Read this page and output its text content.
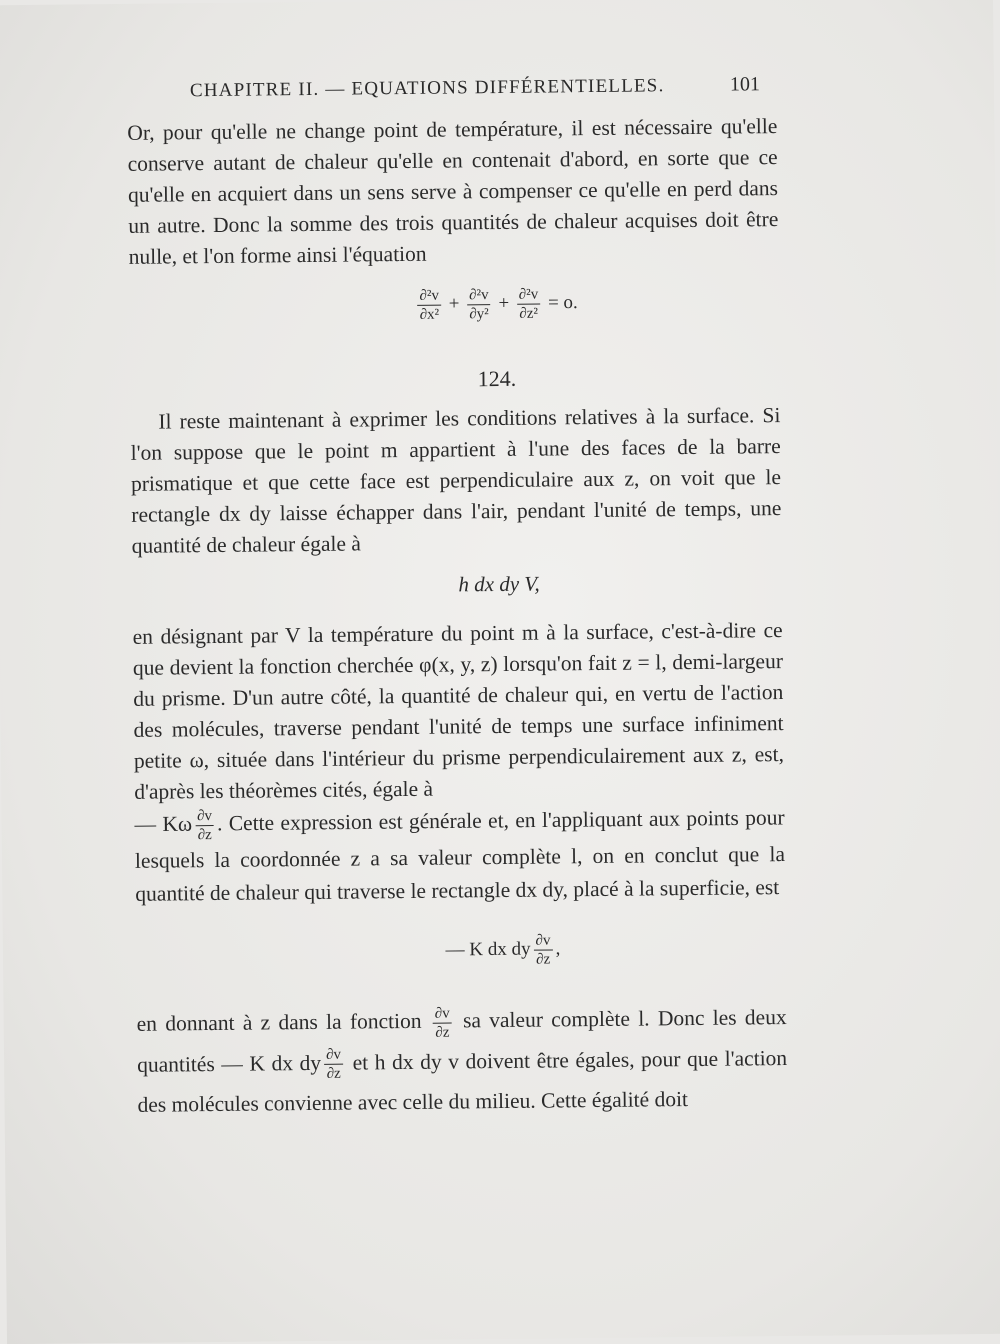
CHAPITRE II. — EQUATIONS DIFFÉRENTIELLES.	101

Or, pour qu'elle ne change point de température, il est nécessaire qu'elle conserve autant de chaleur qu'elle en contenait d'abord, en sorte que ce qu'elle en acquiert dans un sens serve à compenser ce qu'elle en perd dans un autre. Donc la somme des trois quantités de chaleur acquises doit être nulle, et l'on forme ainsi l'équation

$\frac{\text{∂²v}}{\text{∂x²}} + \frac{\text{∂²v}}{\text{∂y²}} + \frac{\text{∂²v}}{\text{∂z²}} = o$.
124.

Il reste maintenant à exprimer les conditions relatives à la surface. Si l'on suppose que le point m appartient à l'une des faces de la barre prismatique et que cette face est perpendiculaire aux z, on voit que le rectangle dx dy laisse échapper dans l'air, pendant l'unité de temps, une quantité de chaleur égale à

h dx dy V,

en désignant par V la température du point m à la surface, c'est-à-dire ce que devient la fonction cherchée φ(x, y, z) lorsqu'on fait z = l, demi-largeur du prisme. D'un autre côté, la quantité de chaleur qui, en vertu de l'action des molécules, traverse pendant l'unité de temps une surface infiniment petite ω, située dans l'intérieur du prisme perpendiculairement aux z, est, d'après les théorèmes cités, égale à

— Kω $\frac{\partial v}{\partial z}$ . Cette expression est générale et, en l'appliquant aux points pour lesquels la coordonnée z a sa valeur complète l, on en conclut que la quantité de chaleur qui traverse le rectangle dx dy, placé à la superficie, est

— K dx dy $\frac{\partial v}{\partial z}$ ,

en donnant à z dans la fonction $\frac{\partial v}{\partial z}$ sa valeur complète l. Donc les deux quantités — K dx dy $\frac{\partial v}{\partial z}$ et h dx dy v doivent être égales, pour que l'action des molécules convienne avec celle du milieu. Cette égalité doit
